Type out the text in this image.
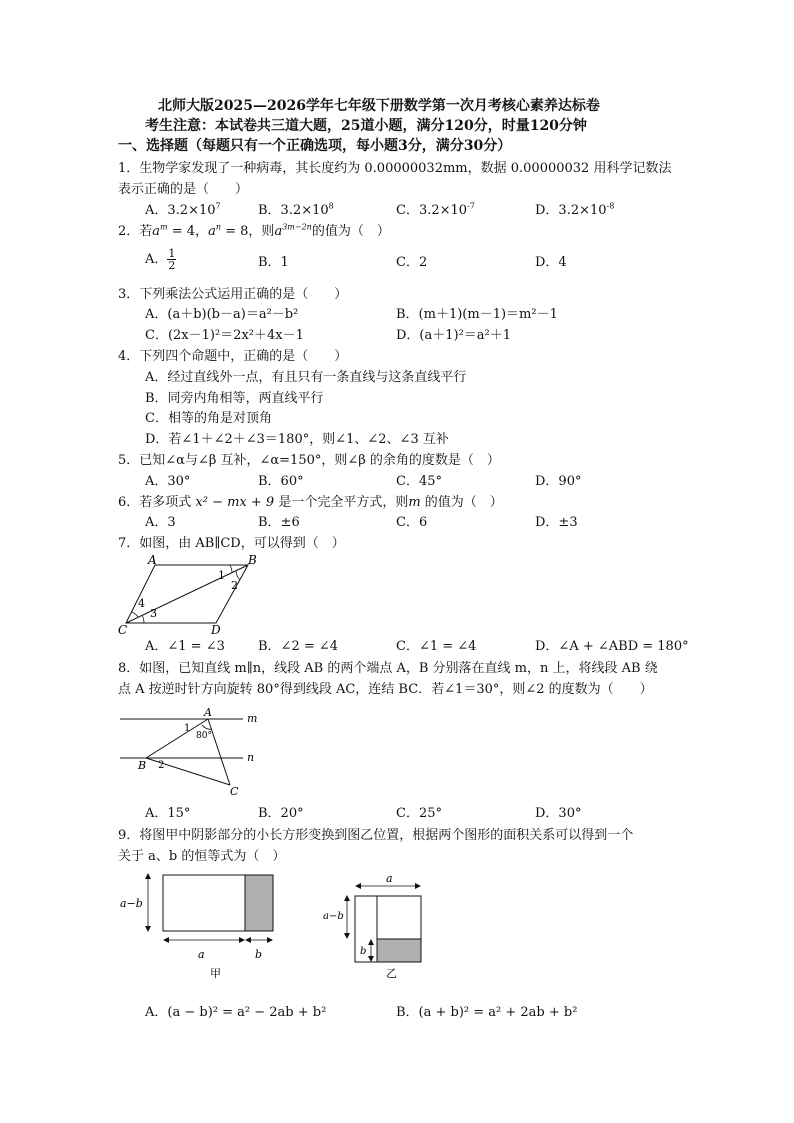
北师大版2025—2026学年七年级下册数学第一次月考核心素养达标卷
考生注意：本试卷共三道大题，25道小题，满分120分，时量120分钟
一、选择题（每题只有一个正确选项，每小题3分，满分30分）
1．生物学家发现了一种病毒，其长度约为 0.00000032mm，数据 0.00000032 用科学记数法
表示正确的是（　　）
A．$3.2\times 10^7$	B．$3.2\times 10^8$	C．$3.2\times 10^{-7}$	D．$3.2\times 10^{-8}$
2．若$a^m = 4$，$a^n = 8$，则$a^{3m-2n}$的值为（　）
A． $\frac{1}{2}$	B．1	C．2	D．4
3．下列乘法公式运用正确的是（　　）
A．(a＋b)(b－a)＝a²－b²	B．(m＋1)(m－1)＝m²－1
C．(2x－1)²＝2x²＋4x－1	D．(a＋1)²＝a²＋1
4．下列四个命题中，正确的是（　　）
A．经过直线外一点，有且只有一条直线与这条直线平行
B．同旁内角相等，两直线平行
C．相等的角是对顶角
D．若∠1＋∠2＋∠3＝180°，则∠1、∠2、∠3 互补
5．已知∠α与∠β 互补，∠α=150°，则∠β 的余角的度数是（　）
A．30°	B．60°	C．45°	D．90°
6．若多项式 x² − mx + 9 是一个完全平方式，则m 的值为（　）
A．3	B．±6	C．6	D．±3
7．如图，由 AB∥CD，可以得到（　）
A	B
C	D
1
2
3
4
A．∠1 = ∠3	B．∠2 = ∠4	C．∠1 = ∠4	D．∠A + ∠ABD = 180°
8．如图，已知直线 m∥n，线段 AB 的两个端点 A，B 分别落在直线 m，n 上，将线段 AB 绕
点 A 按逆时针方向旋转 80°得到线段 AC，连结 BC．若∠1＝30°，则∠2 的度数为（　　）
A
B
C
m
n
1
80°
2
A．15°	B．20°	C．25°	D．30°
9．将图甲中阴影部分的小长方形变换到图乙位置，根据两个图形的面积关系可以得到一个
关于 a、b 的恒等式为（　）
a−b
a	b
甲
a
a−b
b
乙
A．(a − b)² = a² − 2ab + b²	B．(a + b)² = a² + 2ab + b²
